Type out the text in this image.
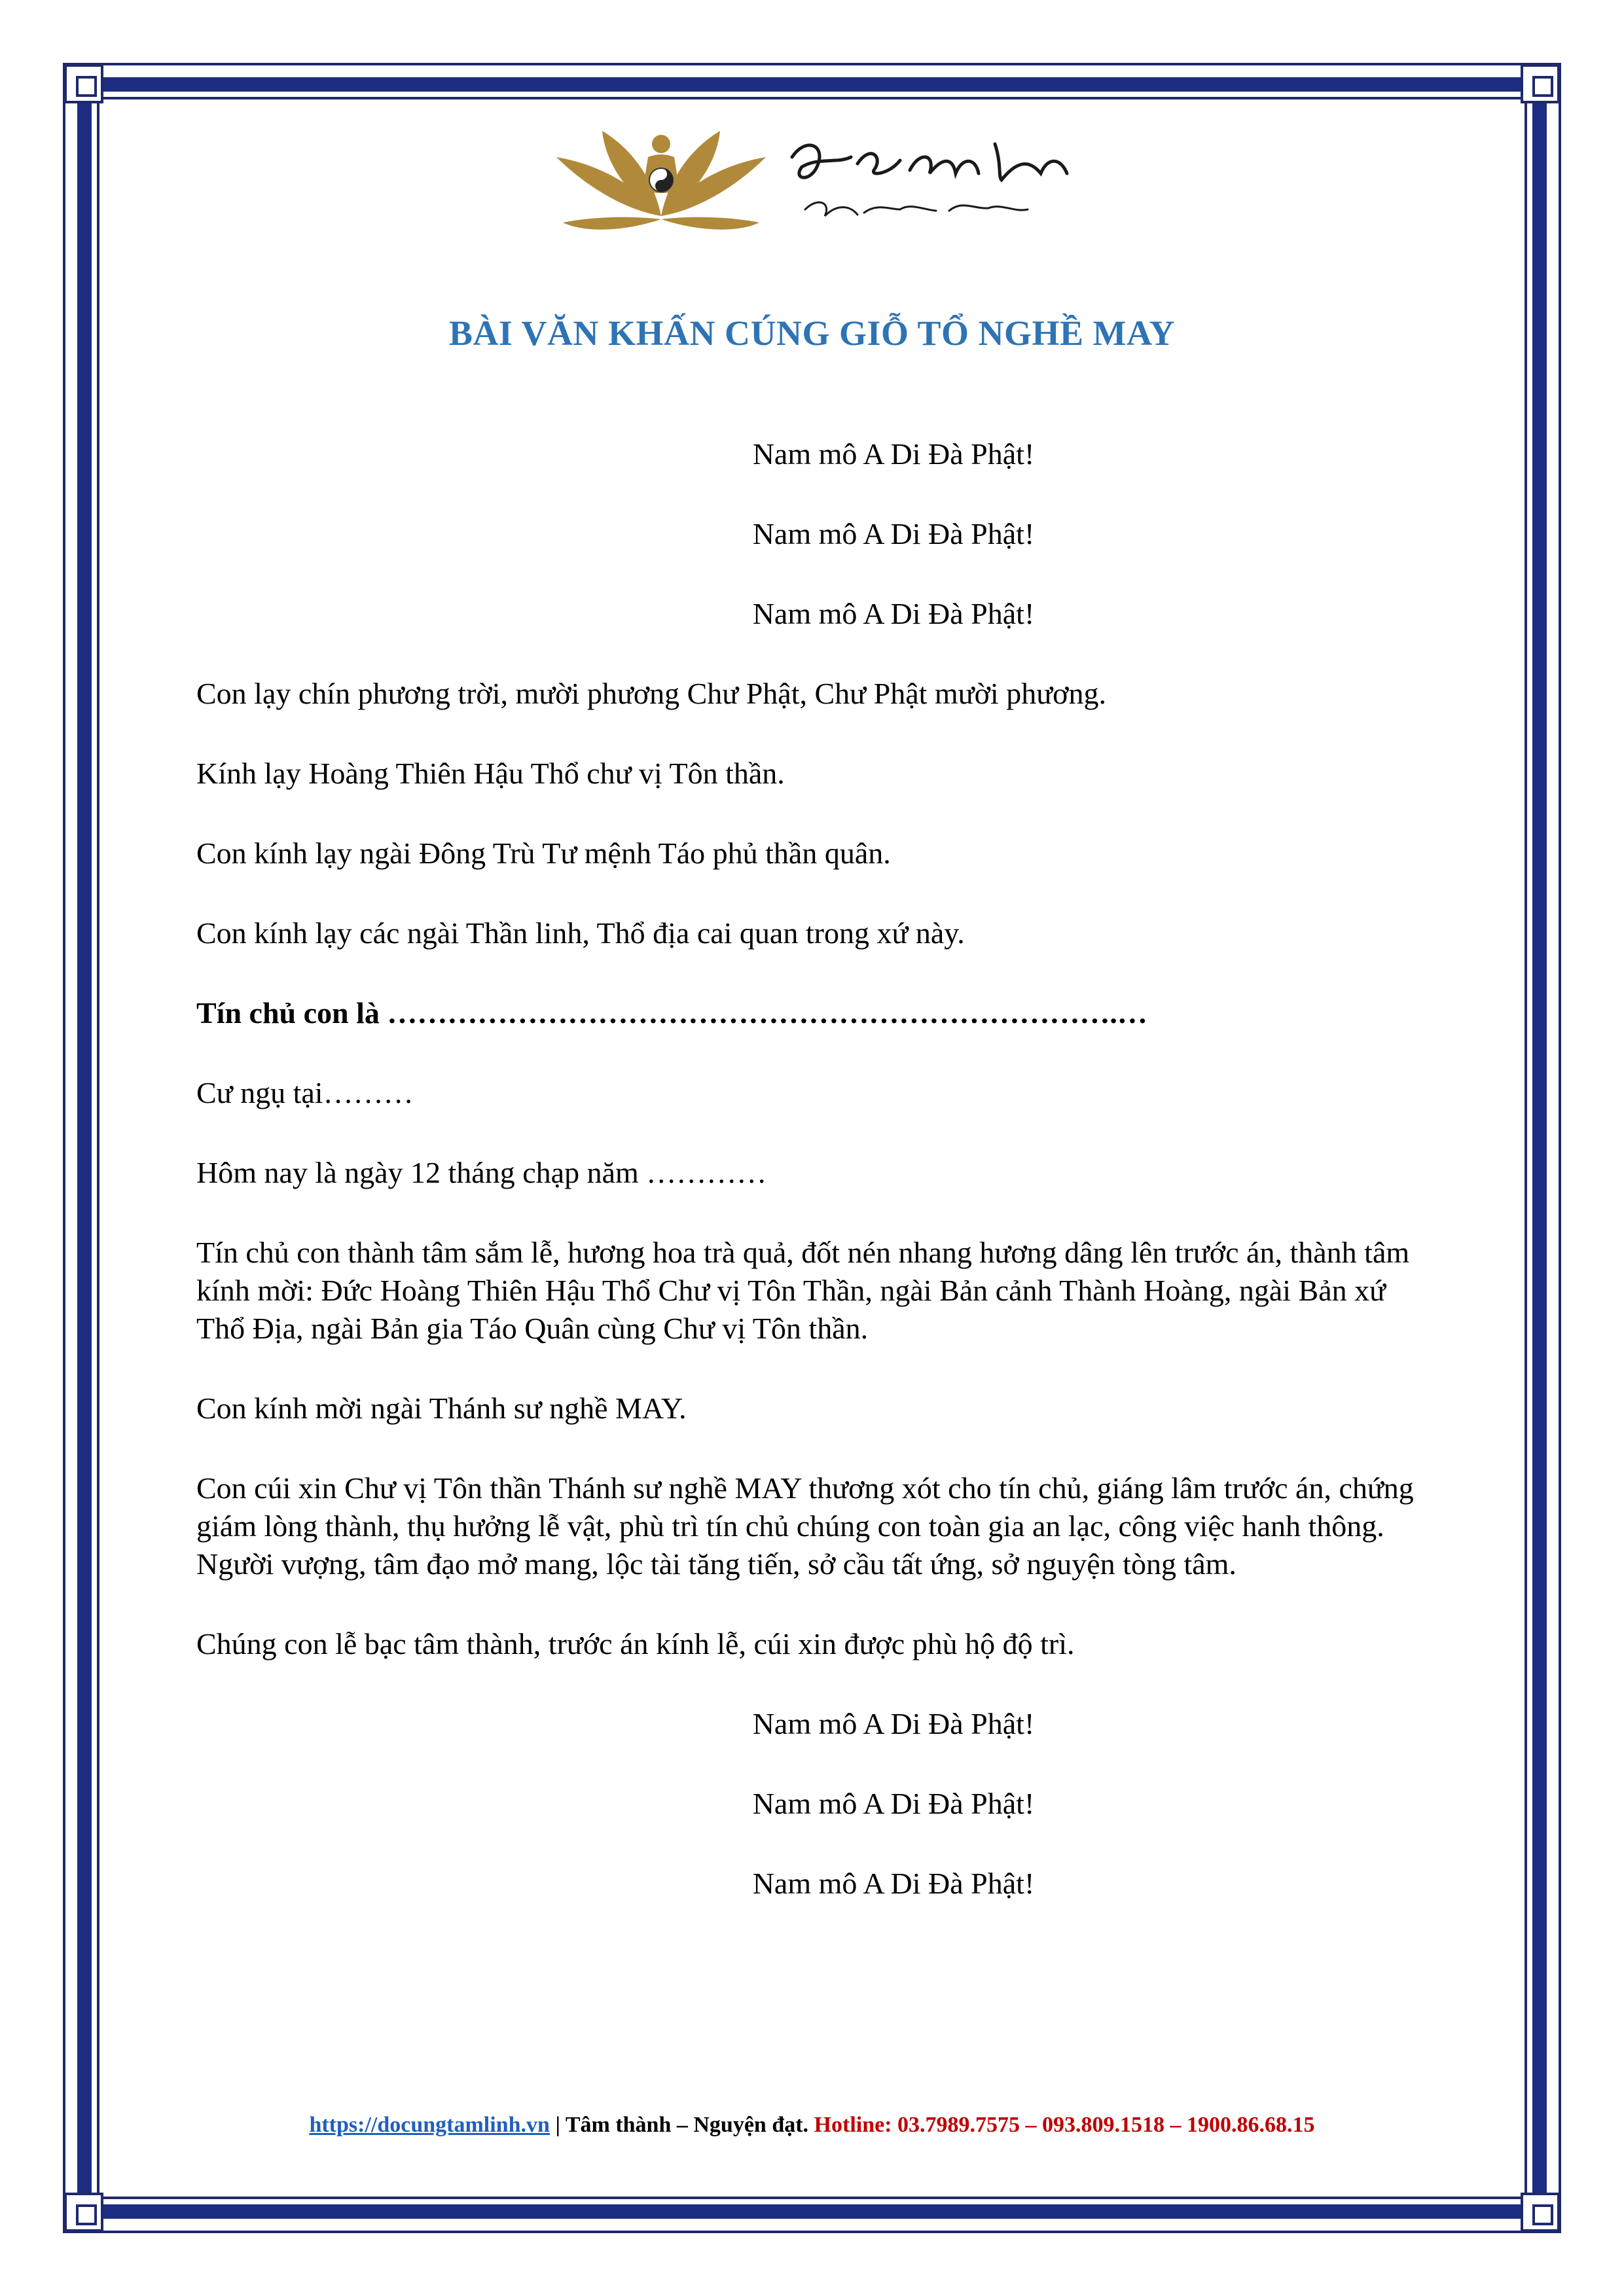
BÀI VĂN KHẤN CÚNG GIỖ TỔ NGHỀ MAY

Nam mô A Di Đà Phật!

Nam mô A Di Đà Phật!

Nam mô A Di Đà Phật!

Con lạy chín phương trời, mười phương Chư Phật, Chư Phật mười phương.

Kính lạy Hoàng Thiên Hậu Thổ chư vị Tôn thần.

Con kính lạy ngài Đông Trù Tư mệnh Táo phủ thần quân.

Con kính lạy các ngài Thần linh, Thổ địa cai quan trong xứ này.

Tín chủ con là ……………………………………………………………….…

Cư ngụ tại………

Hôm nay là ngày 12 tháng chạp năm …………

Tín chủ con thành tâm sắm lễ, hương hoa trà quả, đốt nén nhang hương dâng lên trước án, thành tâm kính mời: Đức Hoàng Thiên Hậu Thổ Chư vị Tôn Thần, ngài Bản cảnh Thành Hoàng, ngài Bản xứ Thổ Địa, ngài Bản gia Táo Quân cùng Chư vị Tôn thần.

Con kính mời ngài Thánh sư nghề MAY.

Con cúi xin Chư vị Tôn thần Thánh sư nghề MAY thương xót cho tín chủ, giáng lâm trước án, chứng giám lòng thành, thụ hưởng lễ vật, phù trì tín chủ chúng con toàn gia an lạc, công việc hanh thông. Người vượng, tâm đạo mở mang, lộc tài tăng tiến, sở cầu tất ứng, sở nguyện tòng tâm.

Chúng con lễ bạc tâm thành, trước án kính lễ, cúi xin được phù hộ độ trì.

Nam mô A Di Đà Phật!

Nam mô A Di Đà Phật!

Nam mô A Di Đà Phật!

https://docungtamlinh.vn | Tâm thành – Nguyện đạt. Hotline: 03.7989.7575 – 093.809.1518 – 1900.86.68.15
